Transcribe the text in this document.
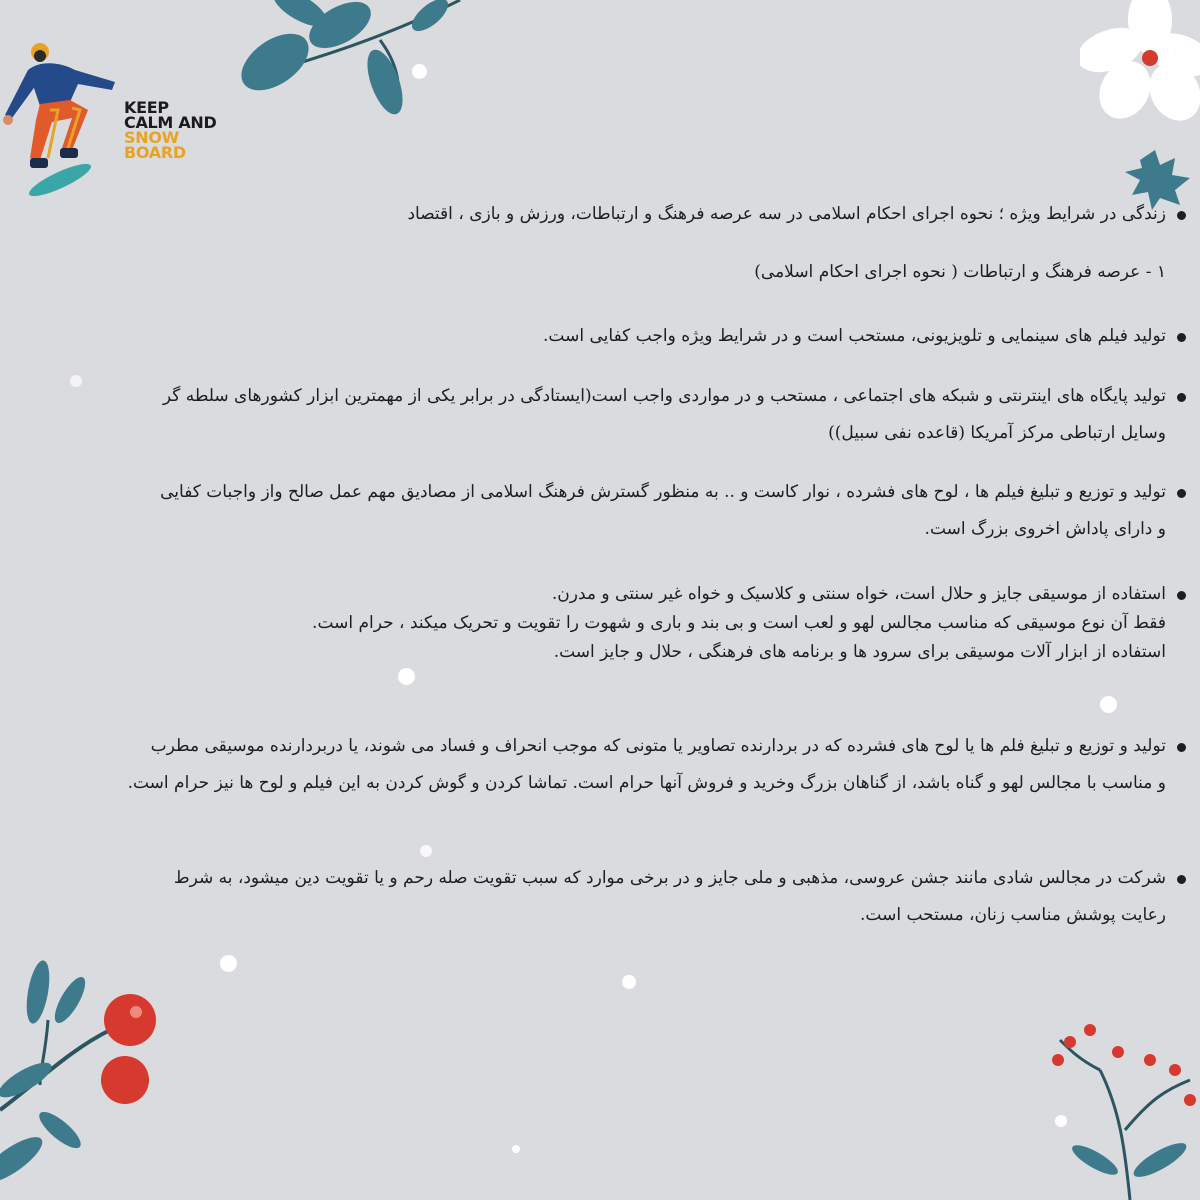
KEEP
CALM AND
SNOW
BOARD

زندگی در شرایط ویژه ؛ نحوه اجرای احکام اسلامی در سه عرصه فرهنگ و ارتباطات، ورزش و بازی ، اقتصاد

۱ - عرصه فرهنگ و ارتباطات ( نحوه اجرای احکام اسلامی)

تولید فیلم های سینمایی و تلویزیونی، مستحب است و در شرایط ویژه واجب کفایی است.

تولید پایگاه های اینترنتی و شبکه های اجتماعی ، مستحب و در مواردی واجب است(ایستادگی در برابر یکی از مهمترین ابزار کشورهای سلطه گر

وسایل ارتباطی مرکز آمریکا (قاعده نفی سبیل))

تولید و توزیع و تبلیغ فیلم ها ، لوح های فشرده ، نوار کاست و .. به منظور گسترش فرهنگ اسلامی از مصادیق مهم عمل صالح واز واجبات کفایی

و دارای پاداش اخروی بزرگ است.

استفاده از موسیقی جایز و حلال است، خواه سنتی و کلاسیک و خواه غیر سنتی و مدرن.

فقط آن نوع موسیقی که مناسب مجالس لهو و لعب است و بی بند و باری و شهوت را تقویت و تحریک میکند ، حرام است.

استفاده از ابزار آلات موسیقی برای سرود ها و برنامه های فرهنگی ، حلال و جایز است.

تولید و توزیع و تبلیغ فلم ها یا لوح های فشرده که در بردارنده تصاویر یا متونی که موجب انحراف و فساد می شوند، یا دربردارنده موسیقی مطرب

و مناسب با مجالس لهو و گناه باشد، از گناهان بزرگ وخرید و فروش آنها حرام است. تماشا کردن و گوش کردن به این فیلم و لوح ها نیز حرام است.

شرکت در مجالس شادی مانند جشن عروسی، مذهبی و ملی جایز و در برخی موارد که سبب تقویت صله رحم و یا تقویت دین میشود، به شرط

رعایت پوشش مناسب زنان، مستحب است.
